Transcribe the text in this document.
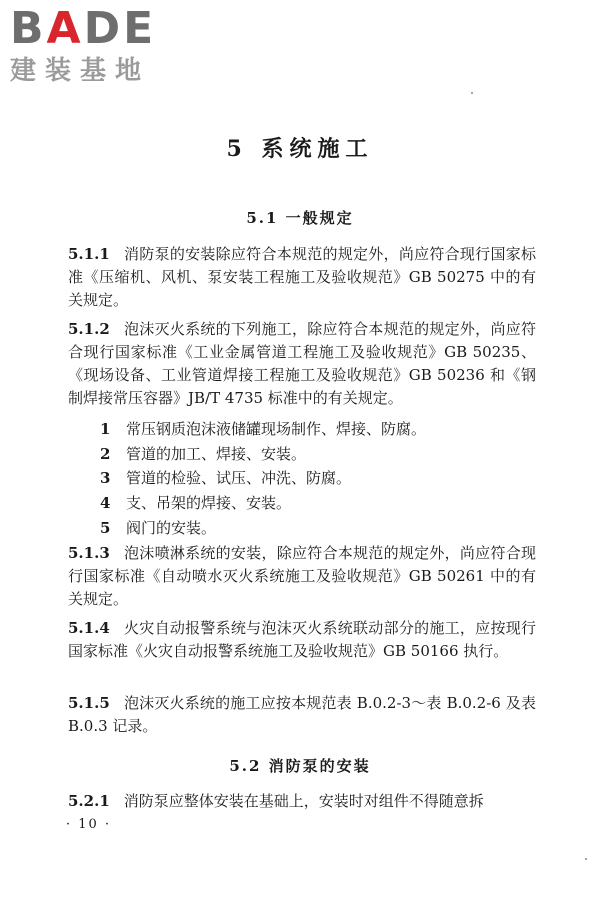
BADE
建装基地
5 系统施工
5.1 一般规定
5.1.1 消防泵的安装除应符合本规范的规定外，尚应符合现行国家标准《压缩机、风机、泵安装工程施工及验收规范》GB 50275 中的有关规定。
5.1.2 泡沫灭火系统的下列施工，除应符合本规范的规定外，尚应符合现行国家标准《工业金属管道工程施工及验收规范》GB 50235、《现场设备、工业管道焊接工程施工及验收规范》GB 50236 和《钢制焊接常压容器》JB/T 4735 标准中的有关规定。
1 常压钢质泡沫液储罐现场制作、焊接、防腐。
2 管道的加工、焊接、安装。
3 管道的检验、试压、冲洗、防腐。
4 支、吊架的焊接、安装。
5 阀门的安装。
5.1.3 泡沫喷淋系统的安装，除应符合本规范的规定外，尚应符合现行国家标准《自动喷水灭火系统施工及验收规范》GB 50261 中的有关规定。
5.1.4 火灾自动报警系统与泡沫灭火系统联动部分的施工，应按现行国家标准《火灾自动报警系统施工及验收规范》GB 50166 执行。
5.1.5 泡沫灭火系统的施工应按本规范表 B.0.2-3～表 B.0.2-6 及表 B.0.3 记录。
5.2 消防泵的安装
5.2.1 消防泵应整体安装在基础上，安装时对组件不得随意拆
· 10 ·
